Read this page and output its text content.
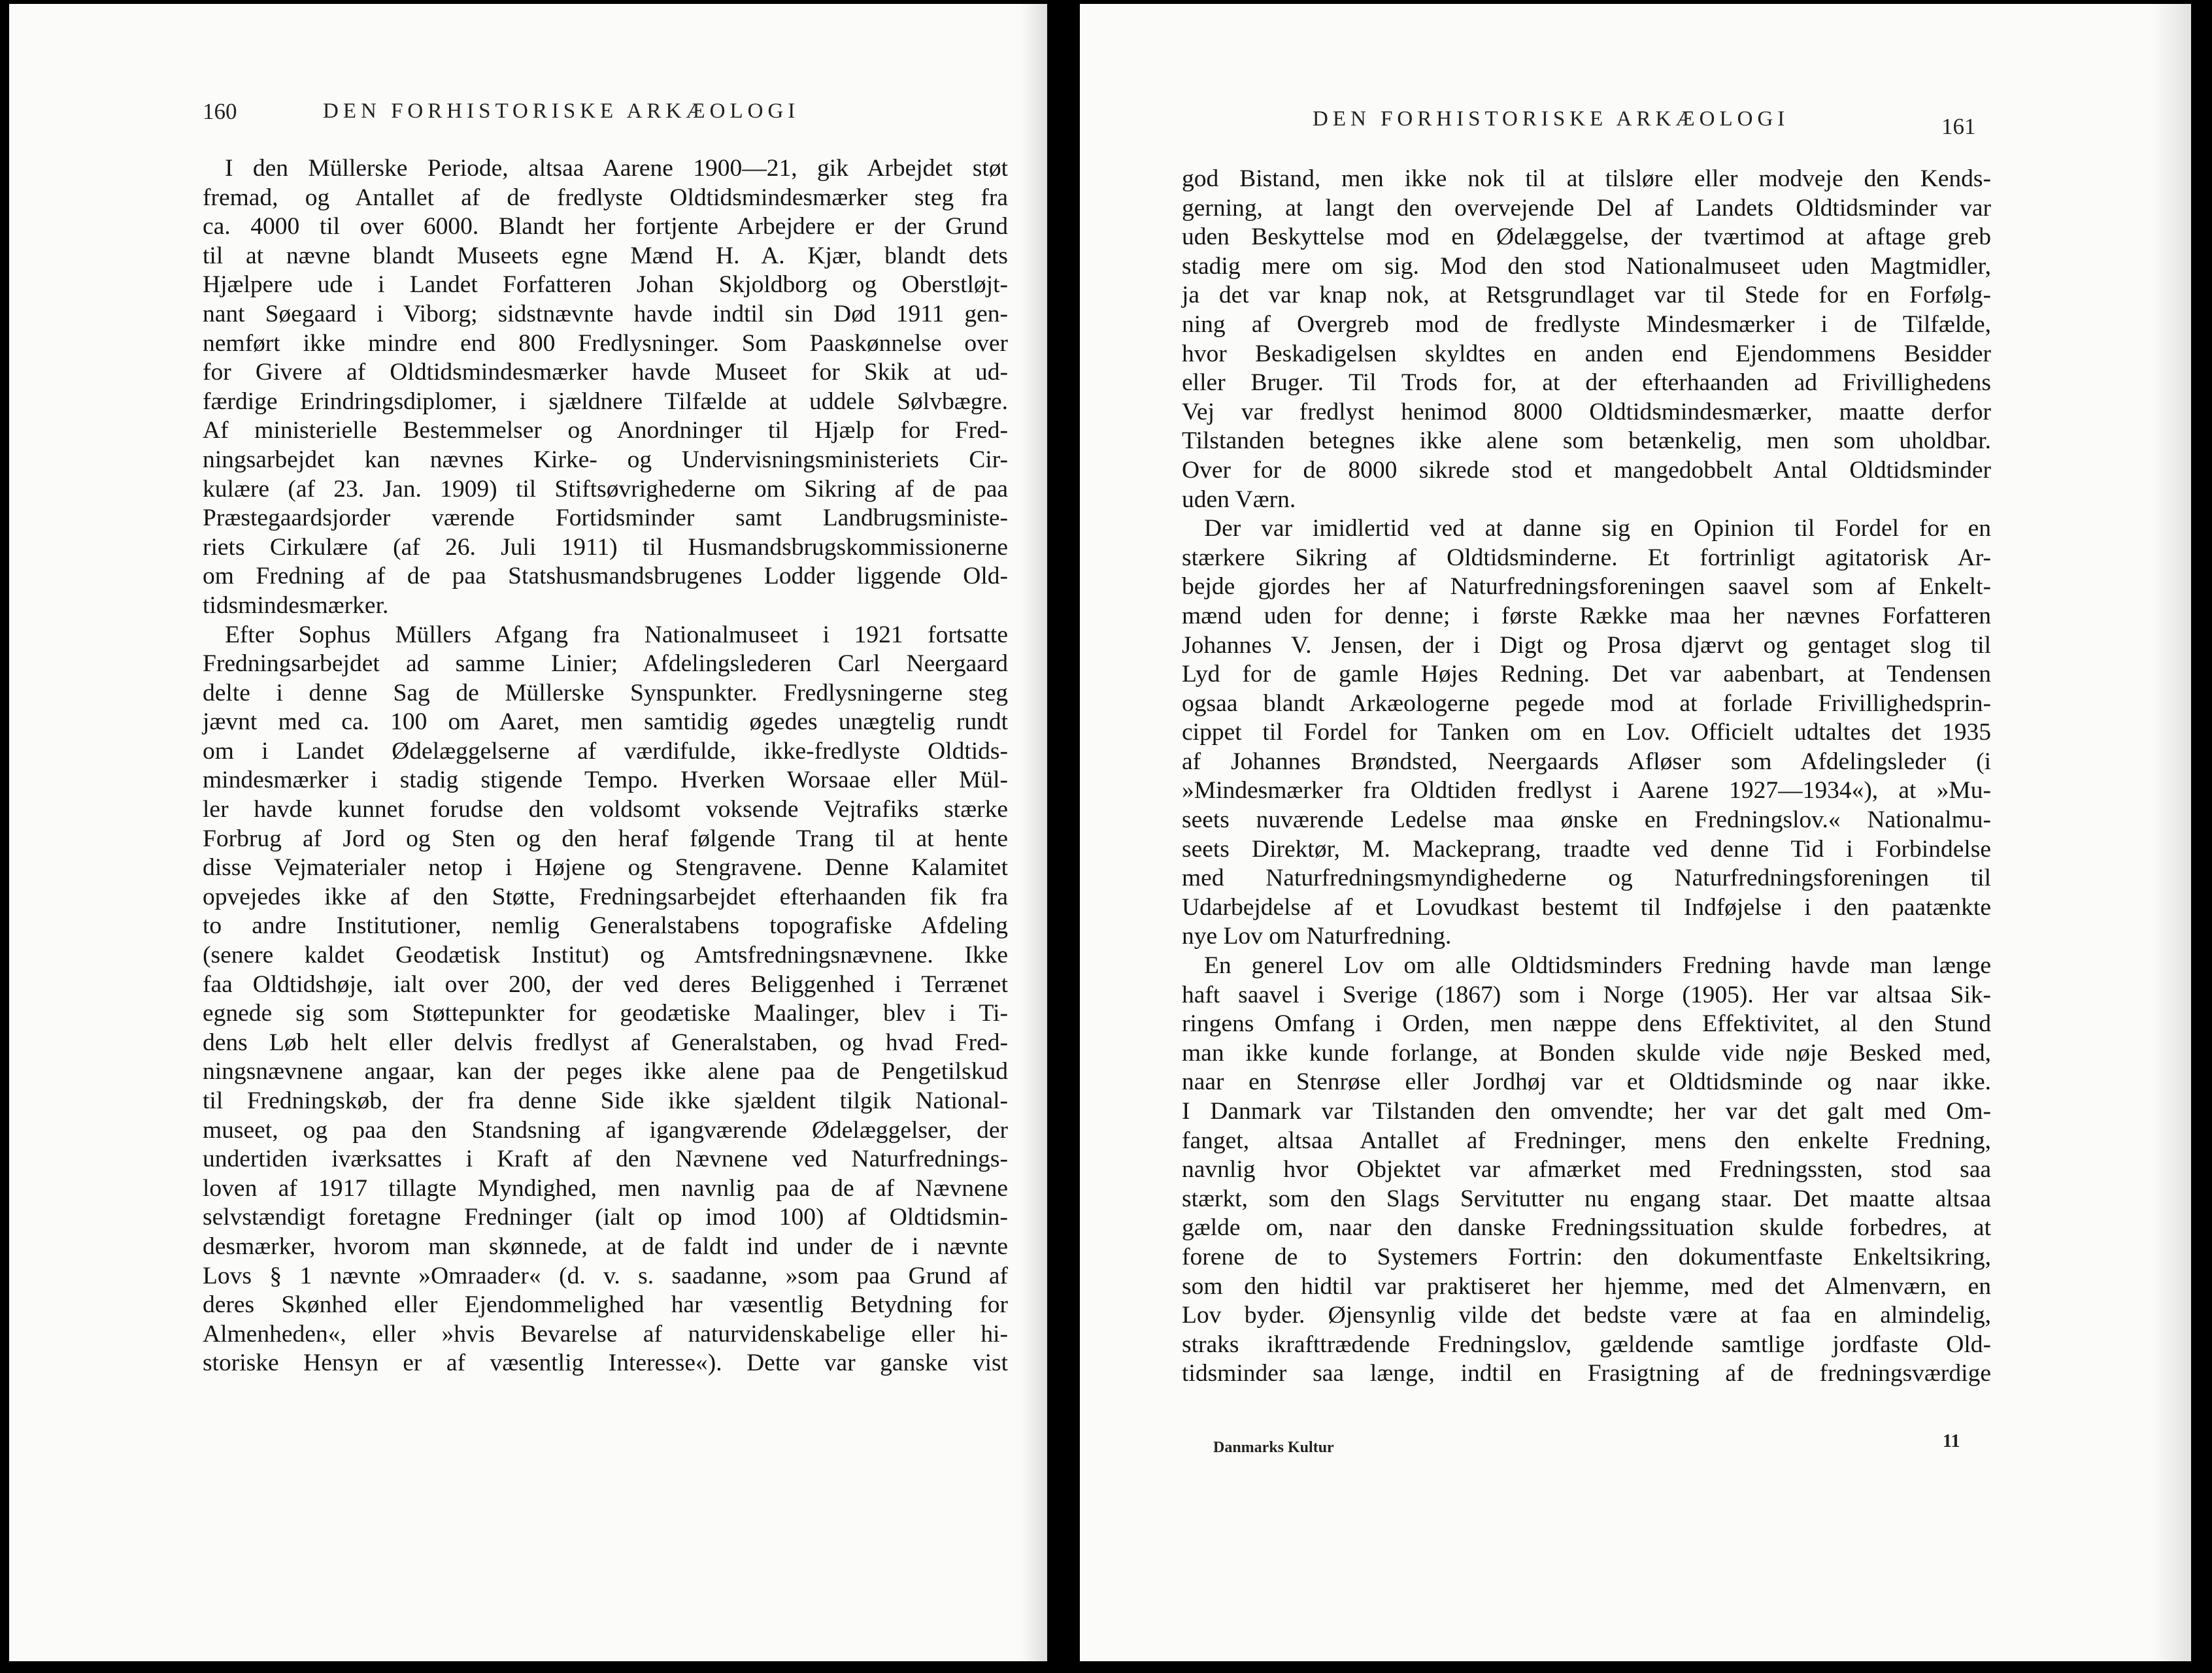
160	DEN FORHISTORISKE ARKÆOLOGI
I den Müllerske Periode, altsaa Aarene 1900—21, gik Arbejdet støt
fremad, og Antallet af de fredlyste Oldtidsmindesmærker steg fra
ca. 4000 til over 6000. Blandt her fortjente Arbejdere er der Grund
til at nævne blandt Museets egne Mænd H. A. Kjær, blandt dets
Hjælpere ude i Landet Forfatteren Johan Skjoldborg og Oberstløjt-
nant Søegaard i Viborg; sidstnævnte havde indtil sin Død 1911 gen-
nemført ikke mindre end 800 Fredlysninger. Som Paaskønnelse over
for Givere af Oldtidsmindesmærker havde Museet for Skik at ud-
færdige Erindringsdiplomer, i sjældnere Tilfælde at uddele Sølvbægre.
Af ministerielle Bestemmelser og Anordninger til Hjælp for Fred-
ningsarbejdet kan nævnes Kirke- og Undervisningsministeriets Cir-
kulære (af 23. Jan. 1909) til Stiftsøvrighederne om Sikring af de paa
Præstegaardsjorder værende Fortidsminder samt Landbrugsministe-
riets Cirkulære (af 26. Juli 1911) til Husmandsbrugskommissionerne
om Fredning af de paa Statshusmandsbrugenes Lodder liggende Old-
tidsmindesmærker.
Efter Sophus Müllers Afgang fra Nationalmuseet i 1921 fortsatte
Fredningsarbejdet ad samme Linier; Afdelingslederen Carl Neergaard
delte i denne Sag de Müllerske Synspunkter. Fredlysningerne steg
jævnt med ca. 100 om Aaret, men samtidig øgedes unægtelig rundt
om i Landet Ødelæggelserne af værdifulde, ikke-fredlyste Oldtids-
mindesmærker i stadig stigende Tempo. Hverken Worsaae eller Mül-
ler havde kunnet forudse den voldsomt voksende Vejtrafiks stærke
Forbrug af Jord og Sten og den heraf følgende Trang til at hente
disse Vejmaterialer netop i Højene og Stengravene. Denne Kalamitet
opvejedes ikke af den Støtte, Fredningsarbejdet efterhaanden fik fra
to andre Institutioner, nemlig Generalstabens topografiske Afdeling
(senere kaldet Geodætisk Institut) og Amtsfredningsnævnene. Ikke
faa Oldtidshøje, ialt over 200, der ved deres Beliggenhed i Terrænet
egnede sig som Støttepunkter for geodætiske Maalinger, blev i Ti-
dens Løb helt eller delvis fredlyst af Generalstaben, og hvad Fred-
ningsnævnene angaar, kan der peges ikke alene paa de Pengetilskud
til Fredningskøb, der fra denne Side ikke sjældent tilgik National-
museet, og paa den Standsning af igangværende Ødelæggelser, der
undertiden iværksattes i Kraft af den Nævnene ved Naturfrednings-
loven af 1917 tillagte Myndighed, men navnlig paa de af Nævnene
selvstændigt foretagne Fredninger (ialt op imod 100) af Oldtidsmin-
desmærker, hvorom man skønnede, at de faldt ind under de i nævnte
Lovs § 1 nævnte »Omraader« (d. v. s. saadanne, »som paa Grund af
deres Skønhed eller Ejendommelighed har væsentlig Betydning for
Almenheden«, eller »hvis Bevarelse af naturvidenskabelige eller hi-
storiske Hensyn er af væsentlig Interesse«). Dette var ganske vist
DEN FORHISTORISKE ARKÆOLOGI	161
god Bistand, men ikke nok til at tilsløre eller modveje den Kends-
gerning, at langt den overvejende Del af Landets Oldtidsminder var
uden Beskyttelse mod en Ødelæggelse, der tværtimod at aftage greb
stadig mere om sig. Mod den stod Nationalmuseet uden Magtmidler,
ja det var knap nok, at Retsgrundlaget var til Stede for en Forfølg-
ning af Overgreb mod de fredlyste Mindesmærker i de Tilfælde,
hvor Beskadigelsen skyldtes en anden end Ejendommens Besidder
eller Bruger. Til Trods for, at der efterhaanden ad Frivillighedens
Vej var fredlyst henimod 8000 Oldtidsmindesmærker, maatte derfor
Tilstanden betegnes ikke alene som betænkelig, men som uholdbar.
Over for de 8000 sikrede stod et mangedobbelt Antal Oldtidsminder
uden Værn.
Der var imidlertid ved at danne sig en Opinion til Fordel for en
stærkere Sikring af Oldtidsminderne. Et fortrinligt agitatorisk Ar-
bejde gjordes her af Naturfredningsforeningen saavel som af Enkelt-
mænd uden for denne; i første Række maa her nævnes Forfatteren
Johannes V. Jensen, der i Digt og Prosa djærvt og gentaget slog til
Lyd for de gamle Højes Redning. Det var aabenbart, at Tendensen
ogsaa blandt Arkæologerne pegede mod at forlade Frivillighedsprin-
cippet til Fordel for Tanken om en Lov. Officielt udtaltes det 1935
af Johannes Brøndsted, Neergaards Afløser som Afdelingsleder (i
»Mindesmærker fra Oldtiden fredlyst i Aarene 1927—1934«), at »Mu-
seets nuværende Ledelse maa ønske en Fredningslov.« Nationalmu-
seets Direktør, M. Mackeprang, traadte ved denne Tid i Forbindelse
med Naturfredningsmyndighederne og Naturfredningsforeningen til
Udarbejdelse af et Lovudkast bestemt til Indføjelse i den paatænkte
nye Lov om Naturfredning.
En generel Lov om alle Oldtidsminders Fredning havde man længe
haft saavel i Sverige (1867) som i Norge (1905). Her var altsaa Sik-
ringens Omfang i Orden, men næppe dens Effektivitet, al den Stund
man ikke kunde forlange, at Bonden skulde vide nøje Besked med,
naar en Stenrøse eller Jordhøj var et Oldtidsminde og naar ikke.
I Danmark var Tilstanden den omvendte; her var det galt med Om-
fanget, altsaa Antallet af Fredninger, mens den enkelte Fredning,
navnlig hvor Objektet var afmærket med Fredningssten, stod saa
stærkt, som den Slags Servitutter nu engang staar. Det maatte altsaa
gælde om, naar den danske Fredningssituation skulde forbedres, at
forene de to Systemers Fortrin: den dokumentfaste Enkeltsikring,
som den hidtil var praktiseret her hjemme, med det Almenværn, en
Lov byder. Øjensynlig vilde det bedste være at faa en almindelig,
straks ikrafttrædende Fredningslov, gældende samtlige jordfaste Old-
tidsminder saa længe, indtil en Frasigtning af de fredningsværdige
Danmarks Kultur	11
